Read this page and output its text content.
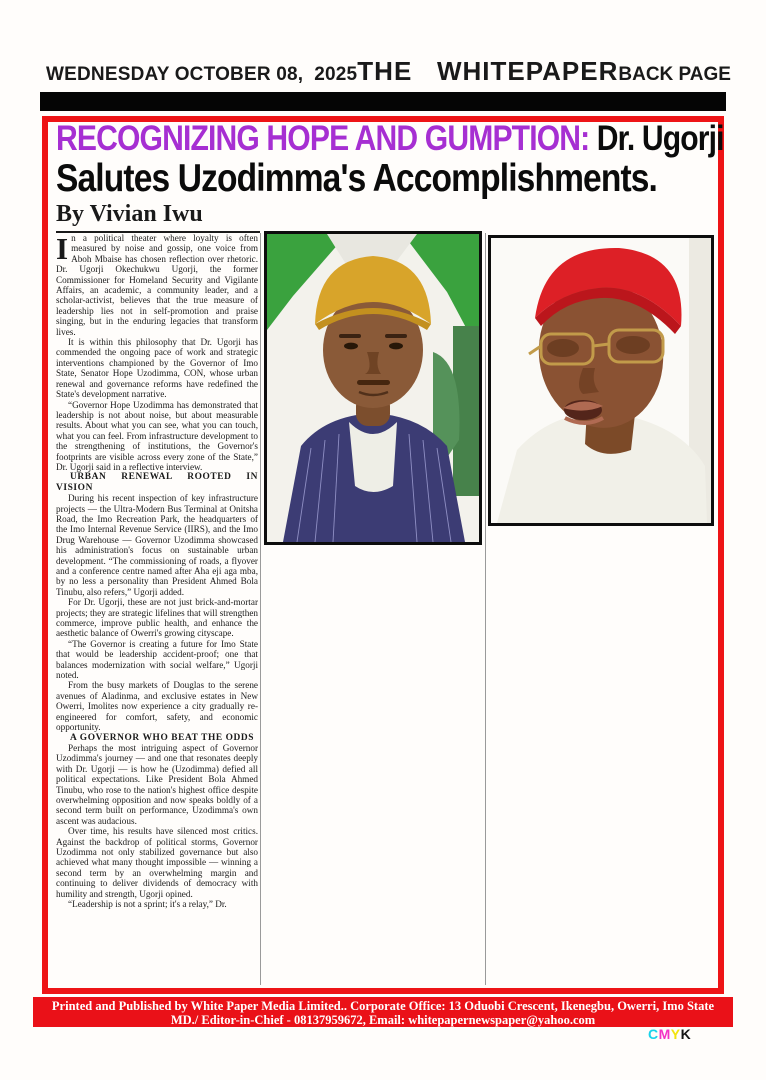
WEDNESDAY OCTOBER 08,  2025 THE   WHITEPAPER BACK PAGE
RECOGNIZING HOPE AND GUMPTION: Dr. Ugorji
Salutes Uzodimma's Accomplishments.
By Vivian Iwu

In a political theater where loyalty is often measured by noise and gossip, one voice from Aboh Mbaise has chosen reflection over rhetoric. Dr. Ugorji Okechukwu Ugorji, the former Commissioner for Homeland Security and Vigilante Affairs, an academic, a community leader, and a scholar-activist, believes that the true measure of leadership lies not in self-promotion and praise singing, but in the enduring legacies that transform lives.

It is within this philosophy that Dr. Ugorji has commended the ongoing pace of work and strategic interventions championed by the Governor of Imo State, Senator Hope Uzodimma, CON, whose urban renewal and governance reforms have redefined the State's development narrative.

“Governor Hope Uzodimma has demonstrated that leadership is not about noise, but about measurable results. About what you can see, what you can touch, what you can feel. From infrastructure development to the strengthening of institutions, the Governor's footprints are visible across every zone of the State,” Dr. Ugorji said in a reflective interview.

URBAN RENEWAL ROOTED IN VISION

During his recent inspection of key infrastructure projects — the Ultra-Modern Bus Terminal at Onitsha Road, the Imo Recreation Park, the headquarters of the Imo Internal Revenue Service (IIRS), and the Imo Drug Warehouse — Governor Uzodimma showcased his administration's focus on sustainable urban development. “The commissioning of roads, a flyover and a conference centre named after Aha eji aga mba, by no less a personality than President Ahmed Bola Tinubu, also refers,” Ugorji added.

For Dr. Ugorji, these are not just brick-and-mortar projects; they are strategic lifelines that will strengthen commerce, improve public health, and enhance the aesthetic balance of Owerri's growing cityscape.

“The Governor is creating a future for Imo State that would be leadership accident-proof; one that balances modernization with social welfare,” Ugorji noted.

From the busy markets of Douglas to the serene avenues of Aladinma, and exclusive estates in New Owerri, Imolites now experience a city gradually re-engineered for comfort, safety, and economic opportunity.

A GOVERNOR WHO BEAT THE ODDS

Perhaps the most intriguing aspect of Governor Uzodimma's journey — and one that resonates deeply with Dr. Ugorji — is how he (Uzodimma) defied all political expectations. Like President Bola Ahmed Tinubu, who rose to the nation's highest office despite overwhelming opposition and now speaks boldly of a second term built on performance, Uzodimma's own ascent was audacious.

Over time, his results have silenced most critics. Against the backdrop of political storms, Governor Uzodimma not only stabilized governance but also achieved what many thought impossible — winning a second term by an overwhelming margin and continuing to deliver dividends of democracy with humility and strength, Ugorji opined.

“Leadership is not a sprint; it's a relay,” Dr.

Printed and Published by White Paper Media Limited.. Corporate Office: 13 Oduobi Crescent, Ikenegbu, Owerri, Imo State
MD./ Editor-in-Chief - 08137959672, Email: whitepapernewspaper@yahoo.com
CMYK
